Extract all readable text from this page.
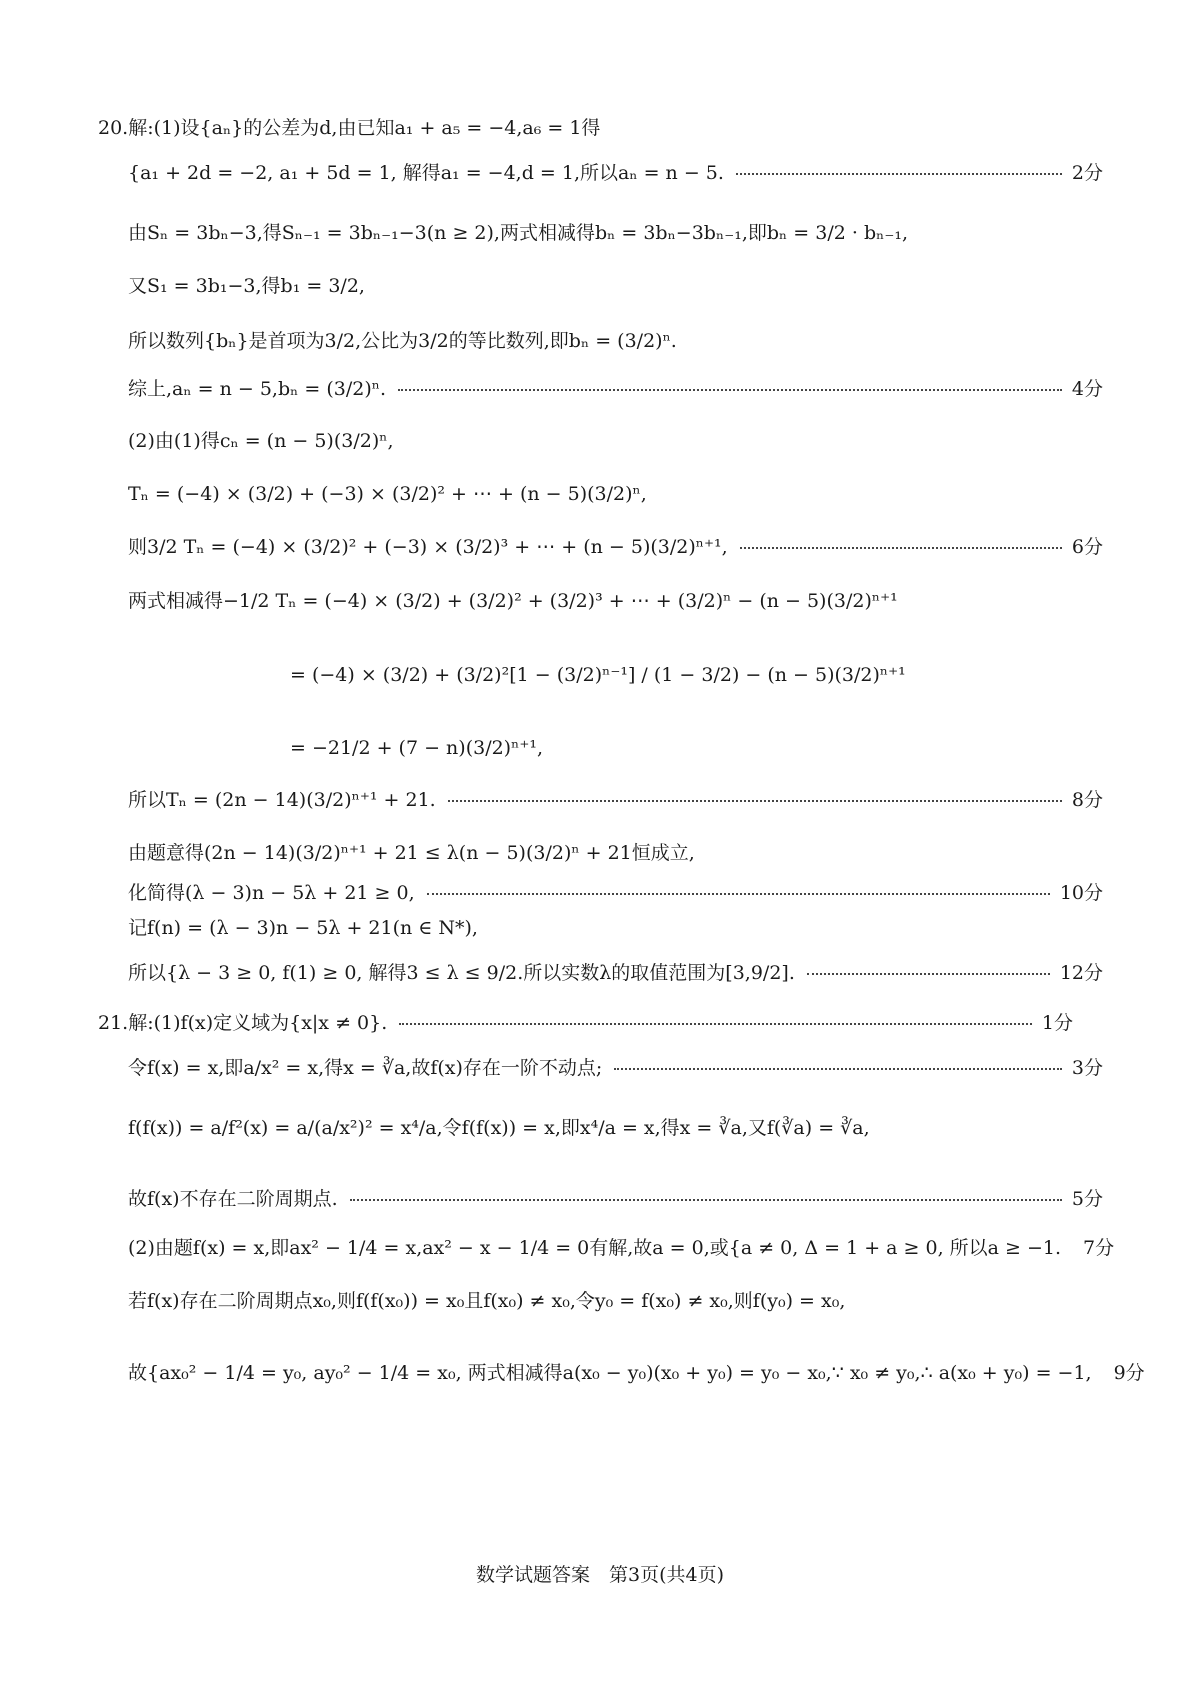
20.解:(1)设{aₙ}的公差为d,由已知a₁ + a₅ = −4,a₆ = 1得
{a₁ + 2d = −2, a₁ + 5d = 1, 解得a₁ = −4,d = 1,所以aₙ = n − 5.	2分
由Sₙ = 3bₙ−3,得Sₙ₋₁ = 3bₙ₋₁−3(n ≥ 2),两式相减得bₙ = 3bₙ−3bₙ₋₁,即bₙ = 3/2 · bₙ₋₁,
又S₁ = 3b₁−3,得b₁ = 3/2,
所以数列{bₙ}是首项为3/2,公比为3/2的等比数列,即bₙ = (3/2)ⁿ.
综上,aₙ = n − 5,bₙ = (3/2)ⁿ.	4分
(2)由(1)得cₙ = (n − 5)(3/2)ⁿ,
Tₙ = (−4) × (3/2) + (−3) × (3/2)² + ⋯ + (n − 5)(3/2)ⁿ,
则3/2 Tₙ = (−4) × (3/2)² + (−3) × (3/2)³ + ⋯ + (n − 5)(3/2)ⁿ⁺¹,	6分
两式相减得−1/2 Tₙ = (−4) × (3/2) + (3/2)² + (3/2)³ + ⋯ + (3/2)ⁿ − (n − 5)(3/2)ⁿ⁺¹
= (−4) × (3/2) + (3/2)²[1 − (3/2)ⁿ⁻¹] / (1 − 3/2) − (n − 5)(3/2)ⁿ⁺¹
= −21/2 + (7 − n)(3/2)ⁿ⁺¹,
所以Tₙ = (2n − 14)(3/2)ⁿ⁺¹ + 21.	8分
由题意得(2n − 14)(3/2)ⁿ⁺¹ + 21 ≤ λ(n − 5)(3/2)ⁿ + 21恒成立,
化简得(λ − 3)n − 5λ + 21 ≥ 0,	10分
记f(n) = (λ − 3)n − 5λ + 21(n ∈ N*),
所以{λ − 3 ≥ 0, f(1) ≥ 0, 解得3 ≤ λ ≤ 9/2.所以实数λ的取值范围为[3,9/2].	12分
21.解:(1)f(x)定义域为{x|x ≠ 0}.	1分
令f(x) = x,即a/x² = x,得x = ∛a,故f(x)存在一阶不动点;	3分
f(f(x)) = a/f²(x) = a/(a/x²)² = x⁴/a,令f(f(x)) = x,即x⁴/a = x,得x = ∛a,又f(∛a) = ∛a,
故f(x)不存在二阶周期点.	5分
(2)由题f(x) = x,即ax² − 1/4 = x,ax² − x − 1/4 = 0有解,故a = 0,或{a ≠ 0, Δ = 1 + a ≥ 0, 所以a ≥ −1. 7分
若f(x)存在二阶周期点x₀,则f(f(x₀)) = x₀且f(x₀) ≠ x₀,令y₀ = f(x₀) ≠ x₀,则f(y₀) = x₀,
故{ax₀² − 1/4 = y₀, ay₀² − 1/4 = x₀, 两式相减得a(x₀ − y₀)(x₀ + y₀) = y₀ − x₀,∵ x₀ ≠ y₀,∴ a(x₀ + y₀) = −1, 9分
数学试题答案　第3页(共4页)
